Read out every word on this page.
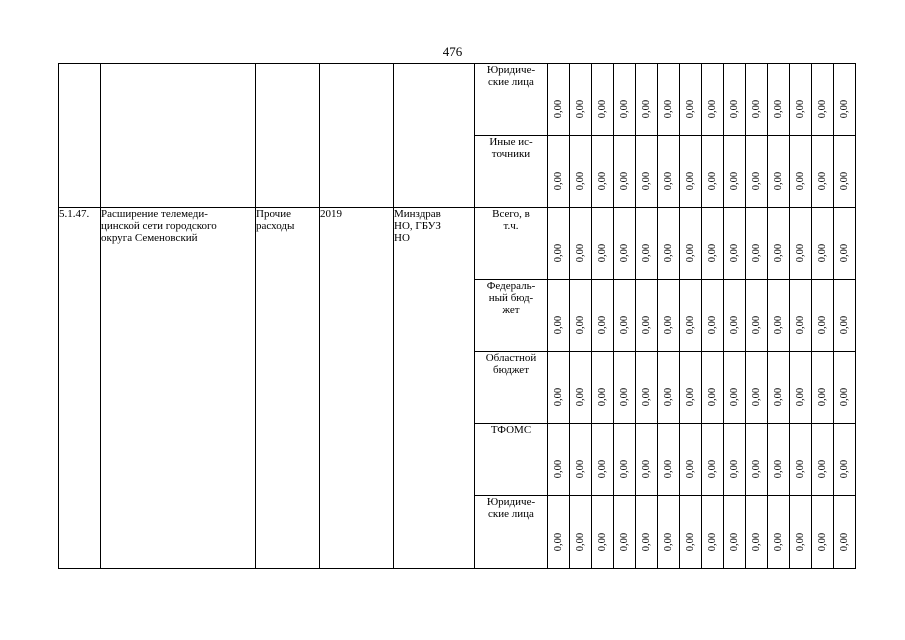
476

					Юридиче-
ские лица	0,00	0,00	0,00	0,00	0,00	0,00	0,00	0,00	0,00	0,00	0,00	0,00	0,00	0,00

					Иные ис-
точники	0,00	0,00	0,00	0,00	0,00	0,00	0,00	0,00	0,00	0,00	0,00	0,00	0,00	0,00

5.1.47.	Расширение телемеди-
цинской сети городского
округа Семеновский	Прочие
расходы	2019	Минздрав
НО, ГБУЗ
НО	Всего, в
т.ч.	0,00	0,00	0,00	0,00	0,00	0,00	0,00	0,00	0,00	0,00	0,00	0,00	0,00	0,00

					Федераль-
ный бюд-
жет	0,00	0,00	0,00	0,00	0,00	0,00	0,00	0,00	0,00	0,00	0,00	0,00	0,00	0,00

					Областной
бюджет	0,00	0,00	0,00	0,00	0,00	0,00	0,00	0,00	0,00	0,00	0,00	0,00	0,00	0,00

					ТФОМС	0,00	0,00	0,00	0,00	0,00	0,00	0,00	0,00	0,00	0,00	0,00	0,00	0,00	0,00

					Юридиче-
ские лица	0,00	0,00	0,00	0,00	0,00	0,00	0,00	0,00	0,00	0,00	0,00	0,00	0,00	0,00
